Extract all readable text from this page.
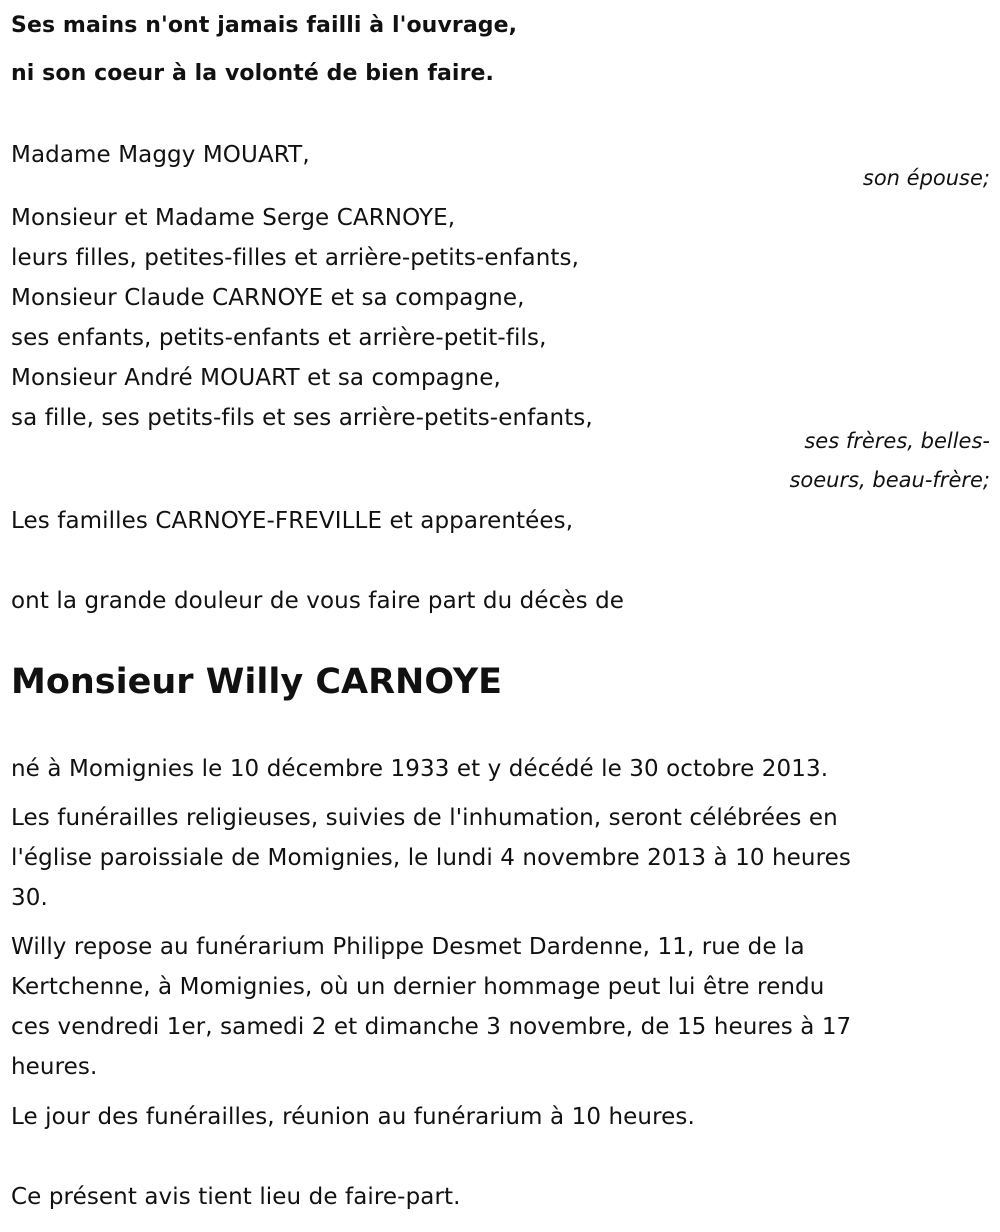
Ses mains n'ont jamais failli à l'ouvrage,
ni son coeur à la volonté de bien faire.
Madame Maggy MOUART,
son épouse;
Monsieur et Madame Serge CARNOYE,
leurs filles, petites-filles et arrière-petits-enfants,
Monsieur Claude CARNOYE et sa compagne,
ses enfants, petits-enfants et arrière-petit-fils,
Monsieur André MOUART et sa compagne,
sa fille, ses petits-fils et ses arrière-petits-enfants,
ses frères, belles-
soeurs, beau-frère;
Les familles CARNOYE-FREVILLE et apparentées,
ont la grande douleur de vous faire part du décès de
Monsieur Willy CARNOYE
né à Momignies le 10 décembre 1933 et y décédé le 30 octobre 2013.
Les funérailles religieuses, suivies de l'inhumation, seront célébrées en
l'église paroissiale de Momignies, le lundi 4 novembre 2013 à 10 heures
30.
Willy repose au funérarium Philippe Desmet Dardenne, 11, rue de la
Kertchenne, à Momignies, où un dernier hommage peut lui être rendu
ces vendredi 1er, samedi 2 et dimanche 3 novembre, de 15 heures à 17
heures.
Le jour des funérailles, réunion au funérarium à 10 heures.
Ce présent avis tient lieu de faire-part.
